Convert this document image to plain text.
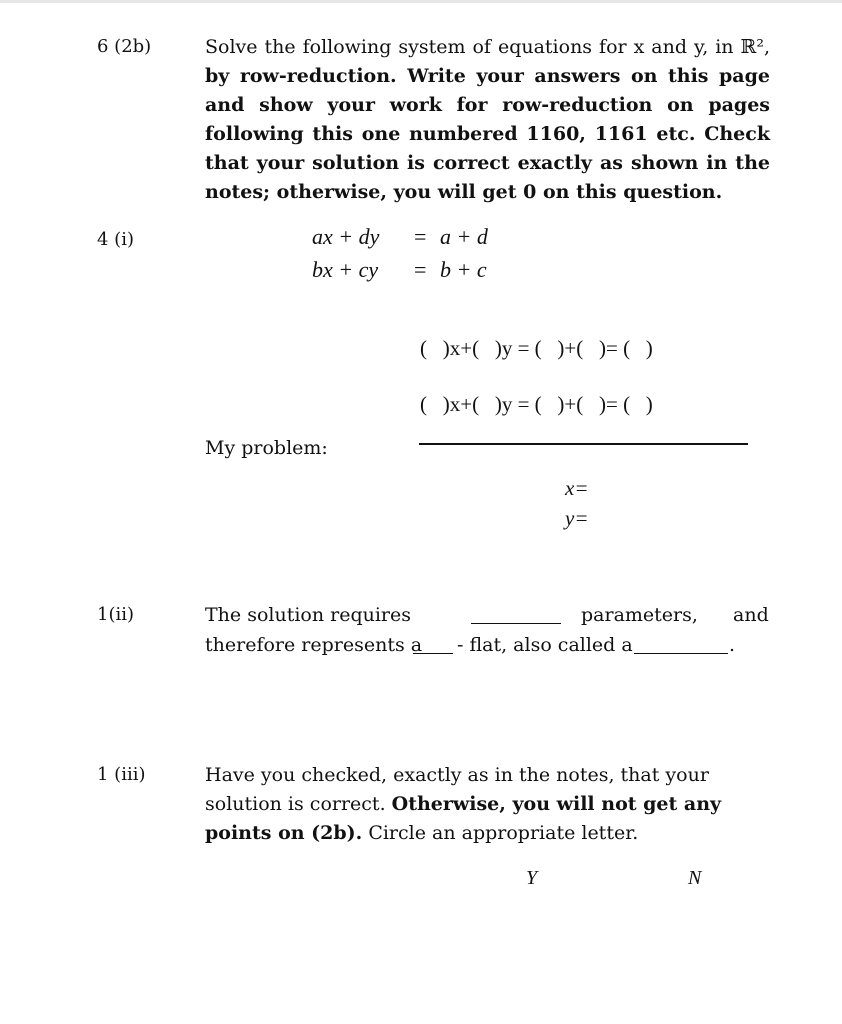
6 (2b)	Solve the following system of equations for x and y, in ℝ², by row-reduction. Write your answers on this page and show your work for row-reduction on pages following this one numbered 1160, 1161 etc. Check that your solution is correct exactly as shown in the notes; otherwise, you will get 0 on this question.
4 (i)	ax + dy = a + d
bx + cy = b + c
(   )x+(   )y = (   )+(   )= (   )
(   )x+(   )y = (   )+(   )= (   )
My problem:
x=
y=
1(ii)	The solution requires	parameters, and
therefore represents a - flat, also called a	.
1 (iii)	Have you checked, exactly as in the notes, that your solution is correct. Otherwise, you will not get any points on (2b). Circle an appropriate letter.
Y	N
